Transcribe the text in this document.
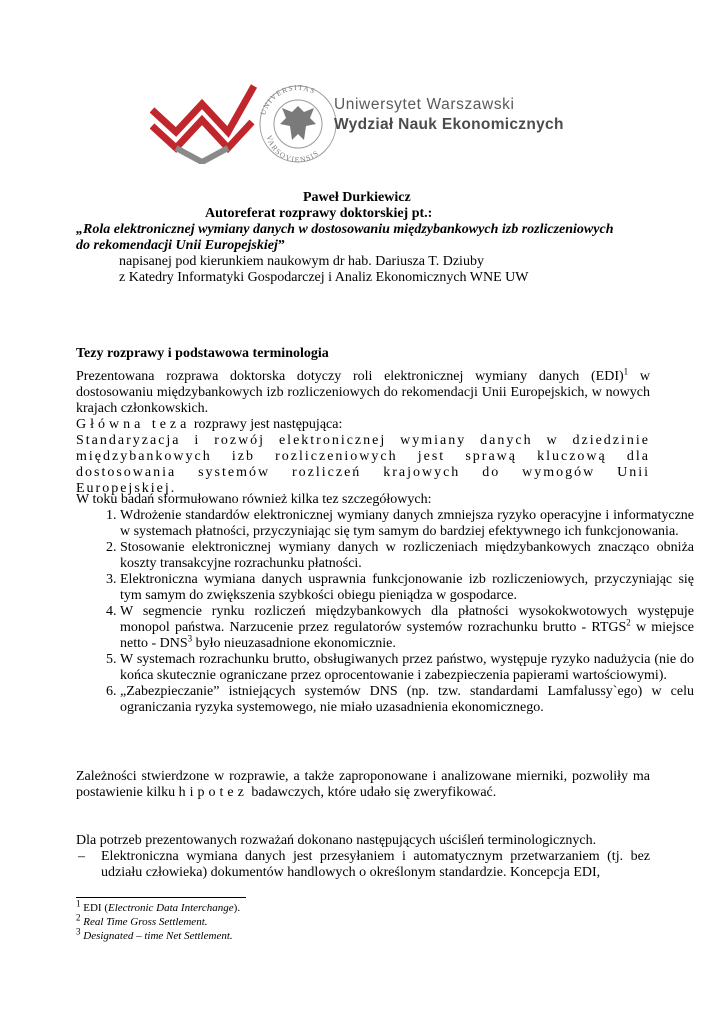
UNIVERSITAS
VARSOVIENSIS
Uniwersytet Warszawski
Wydział Nauk Ekonomicznych
Paweł Durkiewicz
Autoreferat rozprawy doktorskiej pt.:
„Rola elektronicznej wymiany danych w dostosowaniu międzybankowych izb rozliczeniowych
do rekomendacji Unii Europejskiej”
napisanej pod kierunkiem naukowym dr hab. Dariusza T. Dziuby
z Katedry Informatyki Gospodarczej i Analiz Ekonomicznych WNE UW
Tezy rozprawy i podstawowa terminologia
Prezentowana rozprawa doktorska dotyczy roli elektronicznej wymiany danych (EDI)$^1$ w dostosowaniu międzybankowych izb rozliczeniowych do rekomendacji Unii Europejskich, w nowych krajach członkowskich.
Główna teza rozprawy jest następująca:
Standaryzacja i rozwój elektronicznej wymiany danych w dziedzinie międzybankowych izb rozliczeniowych jest sprawą kluczową dla dostosowania systemów rozliczeń krajowych do wymogów Unii Europejskiej.
W toku badań sformułowano również kilka tez szczegółowych:
1. Wdrożenie standardów elektronicznej wymiany danych zmniejsza ryzyko operacyjne i informatyczne w systemach płatności, przyczyniając się tym samym do bardziej efektywnego ich funkcjonowania.
2. Stosowanie elektronicznej wymiany danych w rozliczeniach międzybankowych znacząco obniża koszty transakcyjne rozrachunku płatności.
3. Elektroniczna wymiana danych usprawnia funkcjonowanie izb rozliczeniowych, przyczyniając się tym samym do zwiększenia szybkości obiegu pieniądza w gospodarce.
4. W segmencie rynku rozliczeń międzybankowych dla płatności wysokokwotowych występuje monopol państwa. Narzucenie przez regulatorów systemów rozrachunku brutto - RTGS$^2$ w miejsce netto - DNS$^3$ było nieuzasadnione ekonomicznie.
5. W systemach rozrachunku brutto, obsługiwanych przez państwo, występuje ryzyko nadużycia (nie do końca skutecznie ograniczane przez oprocentowanie i zabezpieczenia papierami wartościowymi).
6. „Zabezpieczanie” istniejących systemów DNS (np. tzw. standardami Lamfalussy`ego) w celu ograniczania ryzyka systemowego, nie miało uzasadnienia ekonomicznego.
Zależności stwierdzone w rozprawie, a także zaproponowane i analizowane mierniki, pozwoliły ma postawienie kilku hipotez badawczych, które udało się zweryfikować.
Dla potrzeb prezentowanych rozważań dokonano następujących uściśleń terminologicznych.
– Elektroniczna wymiana danych jest przesyłaniem i automatycznym przetwarzaniem (tj. bez udziału człowieka) dokumentów handlowych o określonym standardzie. Koncepcja EDI,
$^1$ EDI (Electronic Data Interchange).
$^2$ Real Time Gross Settlement.
$^3$ Designated – time Net Settlement.
